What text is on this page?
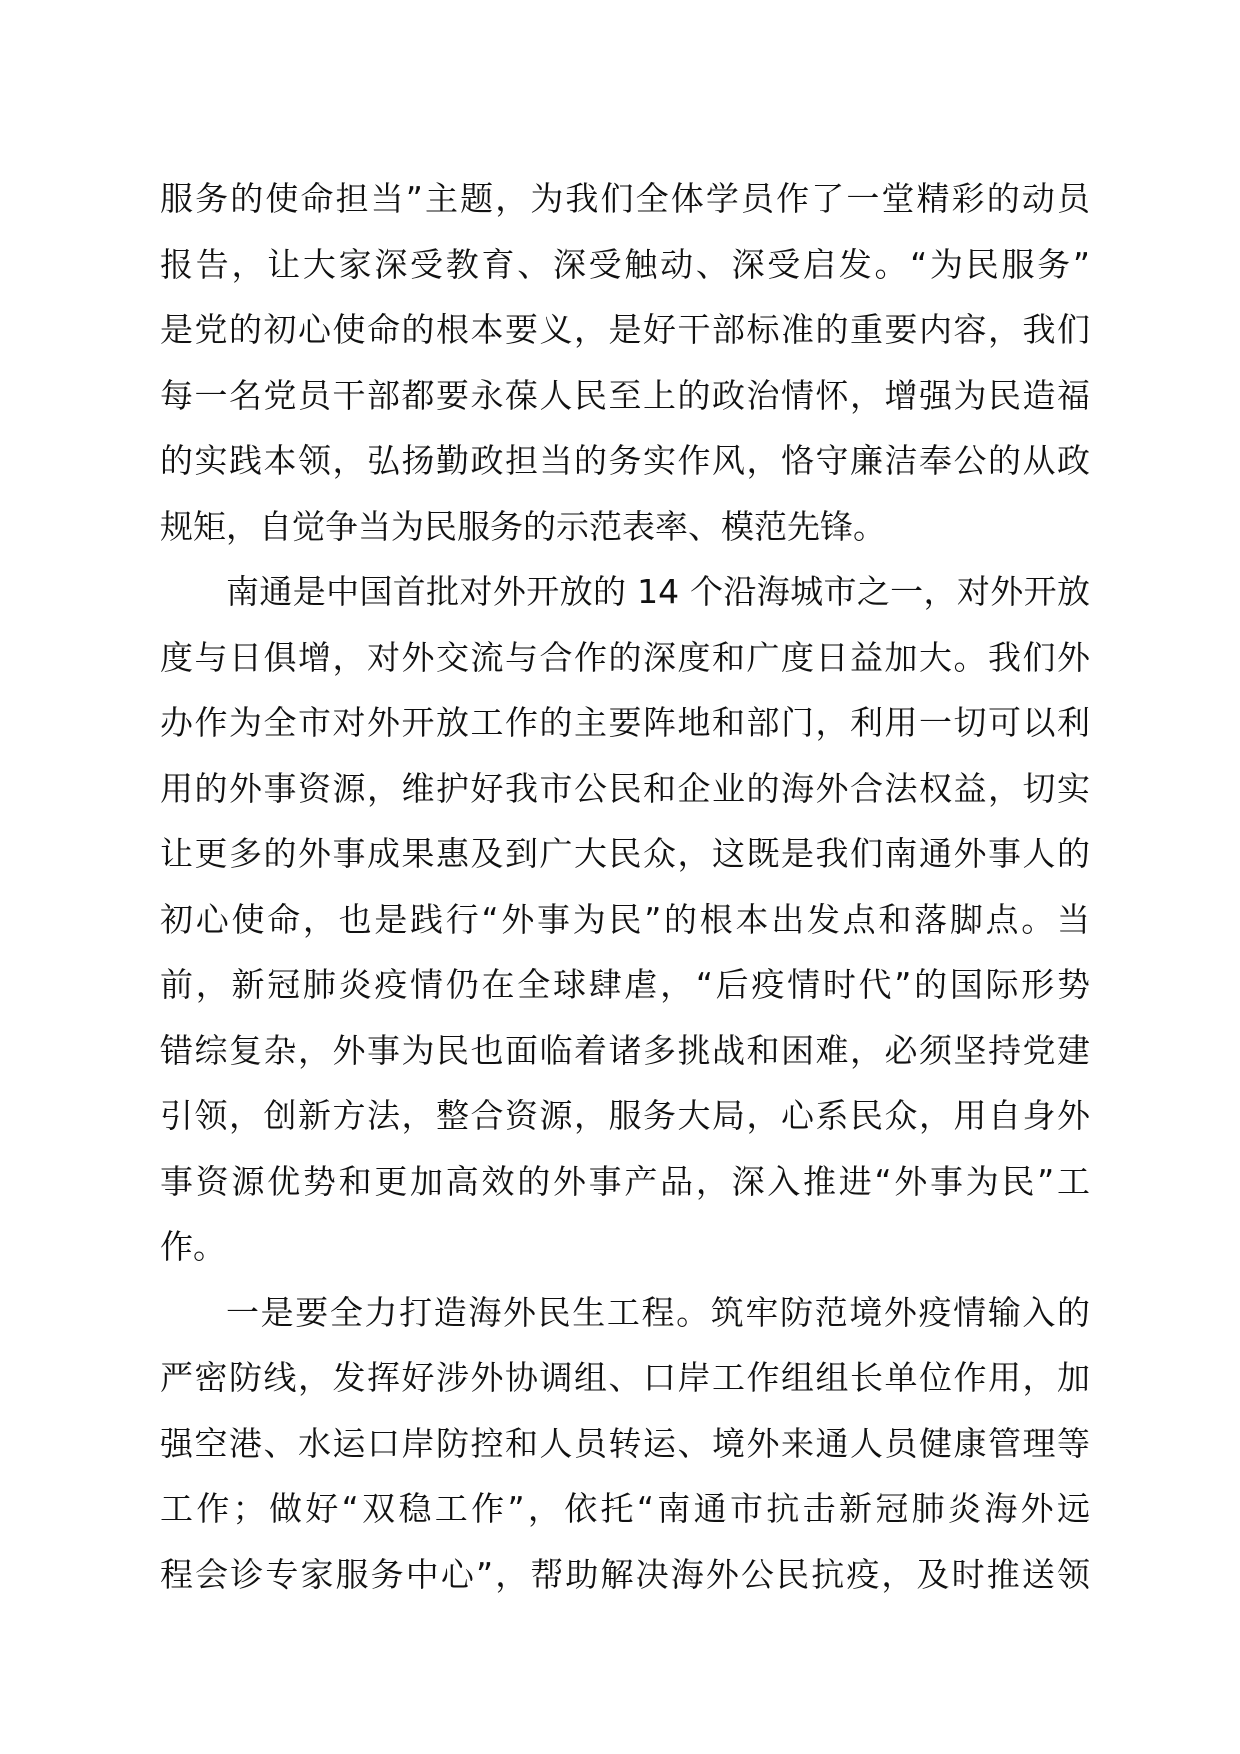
服务的使命担当”主题，为我们全体学员作了一堂精彩的动员
报告，让大家深受教育、深受触动、深受启发。“为民服务”
是党的初心使命的根本要义，是好干部标准的重要内容，我们
每一名党员干部都要永葆人民至上的政治情怀，增强为民造福
的实践本领，弘扬勤政担当的务实作风，恪守廉洁奉公的从政
规矩，自觉争当为民服务的示范表率、模范先锋。
南通是中国首批对外开放的 14 个沿海城市之一，对外开放
度与日俱增，对外交流与合作的深度和广度日益加大。我们外
办作为全市对外开放工作的主要阵地和部门，利用一切可以利
用的外事资源，维护好我市公民和企业的海外合法权益，切实
让更多的外事成果惠及到广大民众，这既是我们南通外事人的
初心使命，也是践行“外事为民”的根本出发点和落脚点。当
前，新冠肺炎疫情仍在全球肆虐，“后疫情时代”的国际形势
错综复杂，外事为民也面临着诸多挑战和困难，必须坚持党建
引领，创新方法，整合资源，服务大局，心系民众，用自身外
事资源优势和更加高效的外事产品，深入推进“外事为民”工
作。
一是要全力打造海外民生工程。筑牢防范境外疫情输入的
严密防线，发挥好涉外协调组、口岸工作组组长单位作用，加
强空港、水运口岸防控和人员转运、境外来通人员健康管理等
工作；做好“双稳工作”，依托“南通市抗击新冠肺炎海外远
程会诊专家服务中心”，帮助解决海外公民抗疫，及时推送领
